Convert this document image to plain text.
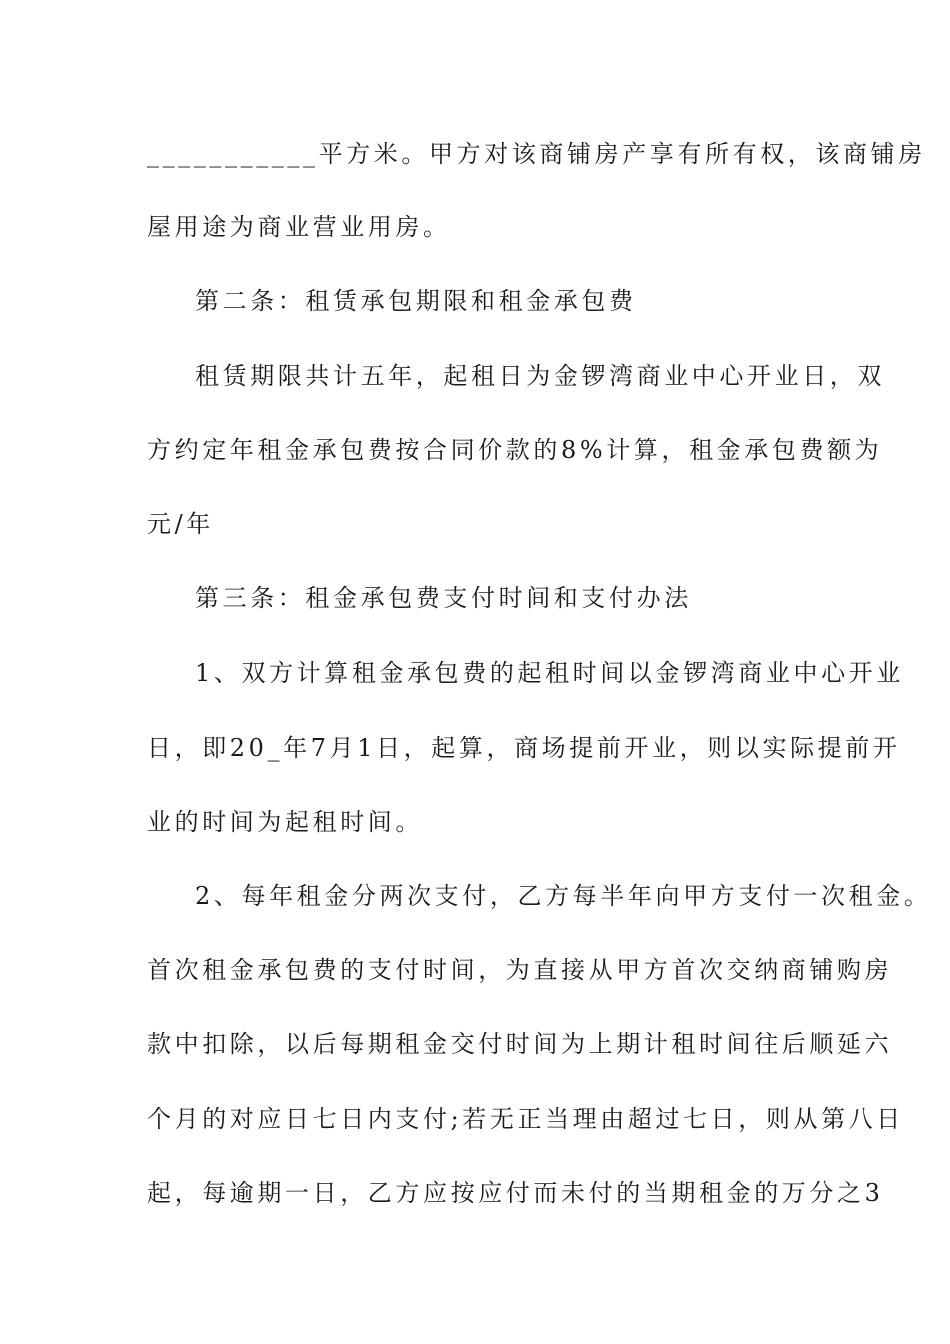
___________平方米。甲方对该商铺房产享有所有权，该商铺房
屋用途为商业营业用房。
第二条：租赁承包期限和租金承包费
租赁期限共计五年，起租日为金锣湾商业中心开业日，双
方约定年租金承包费按合同价款的8%计算，租金承包费额为
元/年
第三条：租金承包费支付时间和支付办法
1、双方计算租金承包费的起租时间以金锣湾商业中心开业
日，即20_年7月1日，起算，商场提前开业，则以实际提前开
业的时间为起租时间。
2、每年租金分两次支付，乙方每半年向甲方支付一次租金。
首次租金承包费的支付时间，为直接从甲方首次交纳商铺购房
款中扣除，以后每期租金交付时间为上期计租时间往后顺延六
个月的对应日七日内支付;若无正当理由超过七日，则从第八日
起，每逾期一日，乙方应按应付而未付的当期租金的万分之3
